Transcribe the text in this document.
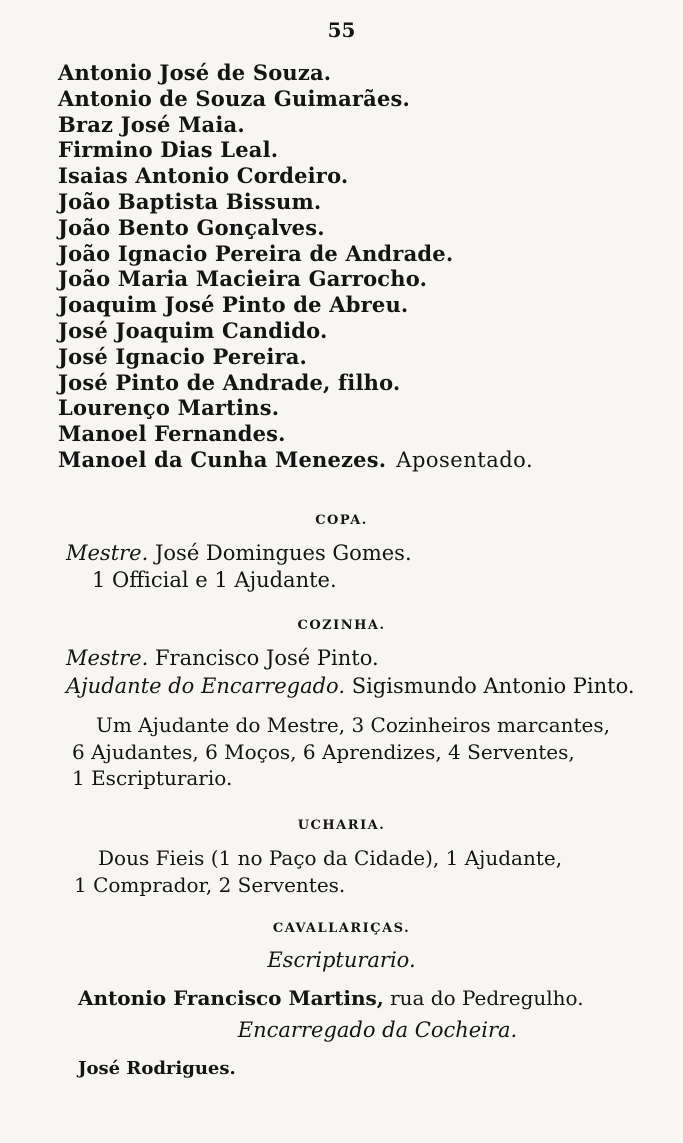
55
Antonio José de Souza.
Antonio de Souza Guimarães.
Braz José Maia.
Firmino Dias Leal.
Isaias Antonio Cordeiro.
João Baptista Bissum.
João Bento Gonçalves.
João Ignacio Pereira de Andrade.
João Maria Macieira Garrocho.
Joaquim José Pinto de Abreu.
José Joaquim Candido.
José Ignacio Pereira.
José Pinto de Andrade, filho.
Lourenço Martins.
Manoel Fernandes.
Manoel da Cunha Menezes. Aposentado.
COPA.
Mestre. José Domingues Gomes.
1 Official e 1 Ajudante.
COZINHA.
Mestre. Francisco José Pinto.
Ajudante do Encarregado. Sigismundo Antonio Pinto.
Um Ajudante do Mestre, 3 Cozinheiros marcantes,
6 Ajudantes, 6 Moços, 6 Aprendizes, 4 Serventes,
1 Escripturario.
UCHARIA.
Dous Fieis (1 no Paço da Cidade), 1 Ajudante,
1 Comprador, 2 Serventes.
CAVALLARIÇAS.
Escripturario.
Antonio Francisco Martins, rua do Pedregulho.
Encarregado da Cocheira.
José Rodrigues.
